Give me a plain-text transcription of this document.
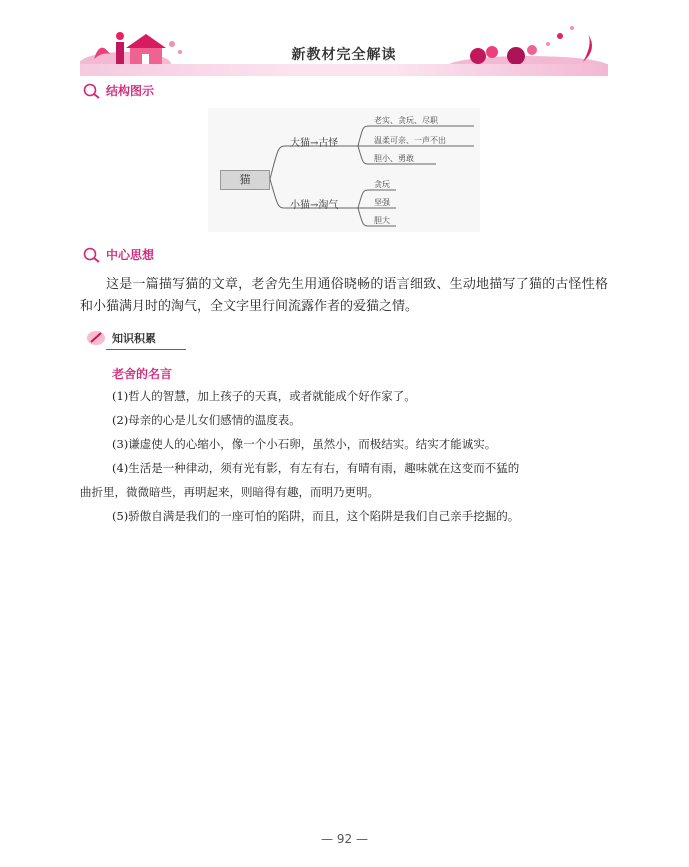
新教材完全解读
结构图示
猫
大猫→古怪
小猫→淘气
老实、贪玩、尽职
温柔可亲、一声不出
胆小、勇敢
贪玩
坚强
胆大
中心思想
这是一篇描写猫的文章，老舍先生用通俗晓畅的语言细致、生动地描写了猫的古怪性格和小猫满月时的淘气，全文字里行间流露作者的爱猫之情。
知识积累
老舍的名言
(1)哲人的智慧，加上孩子的天真，或者就能成个好作家了。
(2)母亲的心是儿女们感情的温度表。
(3)谦虚使人的心缩小，像一个小石卵，虽然小，而极结实。结实才能诚实。
(4)生活是一种律动，须有光有影，有左有右，有晴有雨，趣味就在这变而不猛的
曲折里，微微暗些，再明起来，则暗得有趣，而明乃更明。
(5)骄傲自满是我们的一座可怕的陷阱，而且，这个陷阱是我们自己亲手挖掘的。
— 92 —
